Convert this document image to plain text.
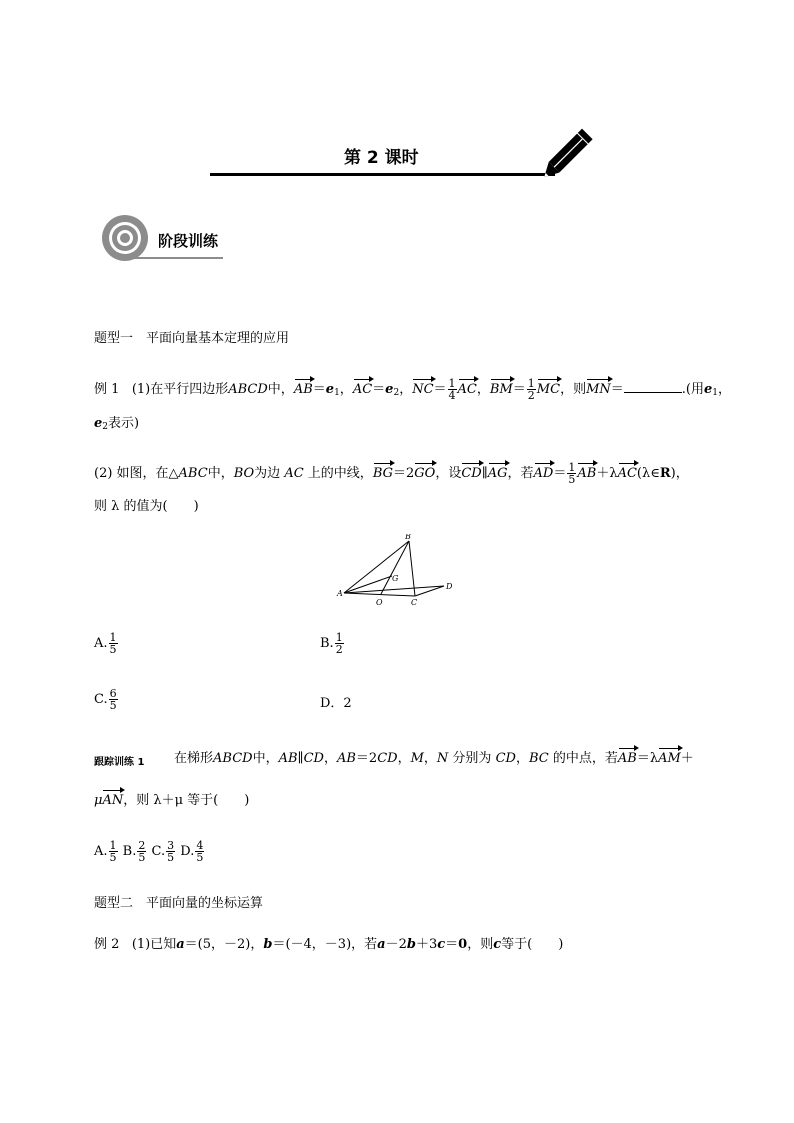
第 2 课时
阶段训练
题型一　平面向量基本定理的应用
例 1 (1)在平行四边形ABCD中，$AB=e_1$，$AC=e_2$，$NC= \frac{1}{4}$ AC，$BM= \frac{1}{2}$ MC，则MN＝	.(用$e_1$，
$e_2$表示)
(2) 如图，在△ABC中，BO为边 AC 上的中线，BG＝2GO，设CD∥AG，若$AD= \frac{1}{5}$ AB＋λAC(λ∈R)，
则 λ 的值为(　　)
B
A
G
D
O	C
A. $\frac{1}{5}$	B. $\frac{1}{2}$
C. $\frac{6}{5}$	D．2
跟踪训练 1 在梯形ABCD中，AB∥CD，AB＝2CD，M，N 分别为 CD，BC 的中点，若AB＝λAM＋
μAN，则 λ＋μ 等于(　　)
A. $\frac{1}{5} B$. $\frac{2}{5} C$. $\frac{3}{5} D$. $\frac{4}{5}$
题型二　平面向量的坐标运算
例 2 (1)已知a＝(5，－2)，b＝(－4，－3)，若a－2b＋3c＝0，则c等于(　　)
